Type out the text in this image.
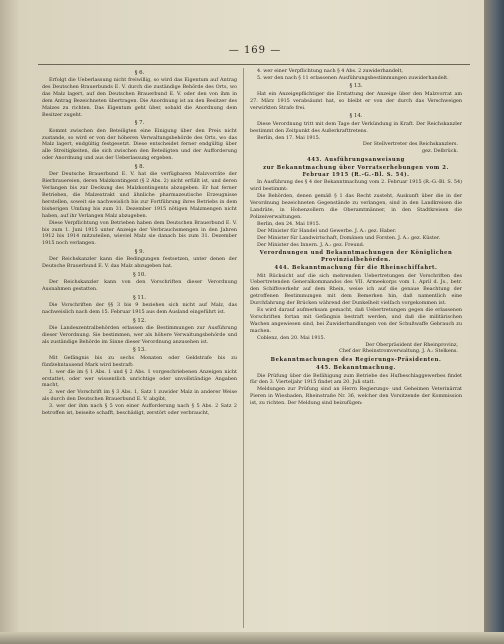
— 169 —

§ 6.

Erfolgt die Ueberlassung nicht freiwillig, so wird das Eigentum auf Antrag des Deutschen Brauerbunds E. V. durch die zuständige Behörde des Orts, wo das Malz lagert, auf den Deutschen Brauerbund E. V. oder den von ihm in dem Antrag Bezeichneten übertragen. Die Anordnung ist an den Besitzer des Malzes zu richten. Das Eigentum geht über, sobald die Anordnung dem Besitzer zugeht.

§ 7.

Kommt zwischen den Beteiligten eine Einigung über den Preis nicht zustande, so wird er von der höheren Verwaltungsbehörde des Orts, wo das Malz lagert, endgültig festgesetzt. Diese entscheidet ferner endgültig über alle Streitigkeiten, die sich zwischen den Beteiligten und der Aufforderung oder Anordnung und aus der Ueberlassung ergeben.

§ 8.

Der Deutsche Brauerbund E. V. hat die verfügbaren Malzvorräte der Bierbrauereien, deren Malzkontingent (§ 2 Abs. 2) nicht erfüllt ist, und deren Verlangen bis zur Deckung des Malzkontingents abzugeben. Er hat ferner Betrieben, die Malzextrakt und ähnliche pharmazeutische Erzeugnisse herstellen, soweit sie nachweislich bis zur Fortführung ihres Betriebs in dem bisherigen Umfang bis zum 31. Dezember 1915 nötigen Malzmengen nicht haben, auf ihr Verlangen Malz abzugeben.

Diese Verpflichtung von Betrieben haben dem Deutschen Brauerbund E. V. bis zum 1. Juni 1915 unter Anzeige der Verbrauchsmengen in den Jahren 1912 bis 1914 mitzuteilen, wieviel Malz sie danach bis zum 31. Dezember 1915 noch verlangen.

§ 9.

Der Reichskanzler kann die Bedingungen festsetzen, unter denen der Deutsche Brauerbund E. V. das Malz abzugeben hat.

§ 10.

Der Reichskanzler kann von den Vorschriften dieser Verordnung Ausnahmen gestatten.

§ 11.

Die Vorschriften der §§ 3 bis 9 beziehen sich nicht auf Malz, das nachweislich nach dem 15. Februar 1915 aus dem Ausland eingeführt ist.

§ 12.

Die Landeszentralbehörden erlassen die Bestimmungen zur Ausführung dieser Verordnung. Sie bestimmen, wer als höhere Verwaltungsbehörde und als zuständige Behörde im Sinne dieser Verordnung anzusehen ist.

§ 13.

Mit Gefängnis bis zu sechs Monaten oder Geldstrafe bis zu fünfzehntausend Mark wird bestraft:

1. wer die im § 1 Abs. 1 und § 2 Abs. 1 vorgeschriebenen Anzeigen nicht erstattet, oder wer wissentlich unrichtige oder unvollständige Angaben macht,

2. wer der Vorschrift im § 3 Abs. 1, Satz 1 zuwider Malz in anderer Weise als durch den Deutschen Brauerbund E. V. abgibt,

3. wer der ihm nach § 5 von einer Aufforderung nach § 5 Abs. 2 Satz 2 betroffen ist, beiseite schafft, beschädigt, zerstört oder verbraucht,

4. wer einer Verpflichtung nach § 4 Abs. 2 zuwiderhandelt,

5. wer den nach § 11 erlassenen Ausführungsbestimmungen zuwiderhandelt.

§ 13.

Hat ein Anzeigepflichtiger die Erstattung der Anzeige über den Malzvorrat am 27. März 1915 verabsäumt hat, so bleibt er von der durch das Verschweigen verwirkten Strafe frei.

§ 14.

Diese Verordnung tritt mit dem Tage der Verkündung in Kraft. Der Reichskanzler bestimmt den Zeitpunkt des Außerkrafttretens.

Berlin, den 17. Mai 1915.

Der Stellvertreter des Reichskanzlers.

gez. Delbrück.

443. Ausführungsanweisung

zur Bekanntmachung über Vorratserhebungen vom 2. Februar 1915 (R.-G.-Bl. S. 54).

In Ausführung des § 4 der Bekanntmachung vom 2. Februar 1915 (R.-G.-Bl. S. 54) wird bestimmt:

Die Behörden, denen gemäß § 1 das Recht zusteht, Auskunft über die in der Verordnung bezeichneten Gegenstände zu verlangen, sind in den Landkreisen die Landräte, in Hohenzollern die Oberamtmänner, in den Stadtkreisen die Polizeiverwaltungen.

Berlin, den 24. Mai 1915.

Der Minister für Handel und Gewerbe. J. A.: gez. Haber.

Der Minister für Landwirtschaft, Domänen und Forsten. J. A.: gez. Küster.

Der Minister des Innern. J. A.: gez. Freund.

Verordnungen und Bekanntmachungen der Königlichen Provinzialbehörden.

444. Bekanntmachung für die Rheinschiffahrt.

Mit Rücksicht auf die sich mehrenden Uebertretungen der Vorschriften des Uebertretenden Generalkommandos des VII. Armeekorps vom 1. April d. Js., betr. den Schiffsverkehr auf dem Rhein, weise ich auf die genaue Beachtung der getroffenen Bestimmungen mit dem Bemerken hin, daß namentlich eine Durchfahrung der Brücken während der Dunkelheit vielfach vorgekommen ist.

Es wird darauf aufmerksam gemacht, daß Uebertretungen gegen die erlassenen Vorschriften fortan mit Gefängnis bestraft werden, und daß die militärischen Wachen angewiesen sind, bei Zuwiderhandlungen von der Schußwaffe Gebrauch zu machen.

Coblenz, den 20. Mai 1915.

Der Oberpräsident der Rheinprovinz,

Chef der Rheinstromverwaltung. J. A.: Stelkens.

Bekanntmachungen des Regierungs-Präsidenten.

445. Bekanntmachung.

Die Prüfung über die Befähigung zum Betriebe des Hufbeschlaggewerbes findet für den 3. Vierteljahr 1915 findet am 20. Juli statt.

Meldungen zur Prüfung sind an Herrn Regierungs- und Geheimen Veterinärrat Pieren in Wiesbaden, Rheinstraße Nr. 36, welcher den Vorsitzende der Kommission ist, zu richten. Der Meldung sind beizufügen:
